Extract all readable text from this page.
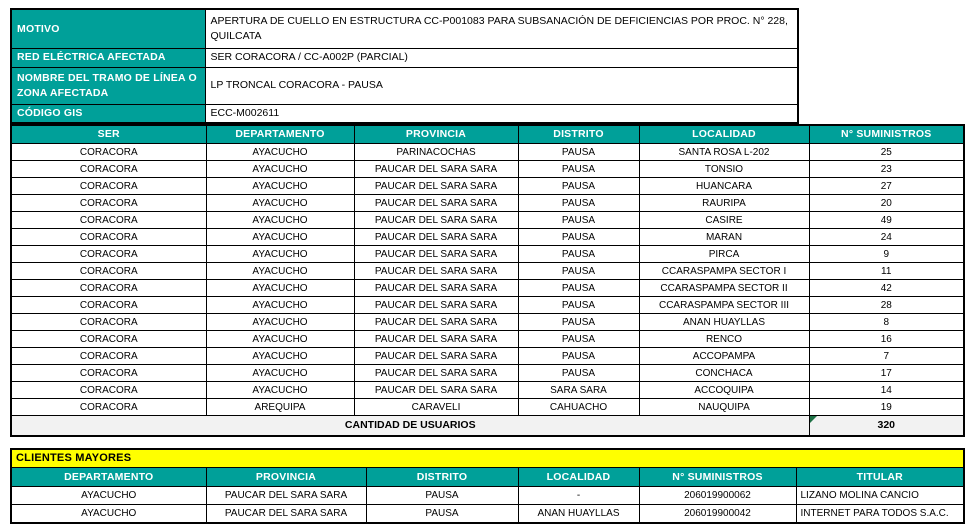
MOTIVO	APERTURA DE CUELLO EN ESTRUCTURA CC-P001083 PARA SUBSANACIÓN DE DEFICIENCIAS POR PROC. N° 228, QUILCATA
RED ELÉCTRICA AFECTADA	SER CORACORA / CC-A002P (PARCIAL)
NOMBRE DEL TRAMO DE LÍNEA O ZONA AFECTADA	LP TRONCAL CORACORA - PAUSA
CÓDIGO GIS	ECC-M002611
SER	DEPARTAMENTO	PROVINCIA	DISTRITO	LOCALIDAD	N° SUMINISTROS
CORACORA	AYACUCHO	PARINACOCHAS	PAUSA	SANTA ROSA L-202	25
CORACORA	AYACUCHO	PAUCAR DEL SARA SARA	PAUSA	TONSIO	23
CORACORA	AYACUCHO	PAUCAR DEL SARA SARA	PAUSA	HUANCARA	27
CORACORA	AYACUCHO	PAUCAR DEL SARA SARA	PAUSA	RAURIPA	20
CORACORA	AYACUCHO	PAUCAR DEL SARA SARA	PAUSA	CASIRE	49
CORACORA	AYACUCHO	PAUCAR DEL SARA SARA	PAUSA	MARAN	24
CORACORA	AYACUCHO	PAUCAR DEL SARA SARA	PAUSA	PIRCA	9
CORACORA	AYACUCHO	PAUCAR DEL SARA SARA	PAUSA	CCARASPAMPA SECTOR I	11
CORACORA	AYACUCHO	PAUCAR DEL SARA SARA	PAUSA	CCARASPAMPA SECTOR II	42
CORACORA	AYACUCHO	PAUCAR DEL SARA SARA	PAUSA	CCARASPAMPA SECTOR III	28
CORACORA	AYACUCHO	PAUCAR DEL SARA SARA	PAUSA	ANAN HUAYLLAS	8
CORACORA	AYACUCHO	PAUCAR DEL SARA SARA	PAUSA	RENCO	16
CORACORA	AYACUCHO	PAUCAR DEL SARA SARA	PAUSA	ACCOPAMPA	7
CORACORA	AYACUCHO	PAUCAR DEL SARA SARA	PAUSA	CONCHACA	17
CORACORA	AYACUCHO	PAUCAR DEL SARA SARA	SARA SARA	ACCOQUIPA	14
CORACORA	AREQUIPA	CARAVELI	CAHUACHO	NAUQUIPA	19
CANTIDAD DE USUARIOS					320
CLIENTES MAYORES					
DEPARTAMENTO	PROVINCIA	DISTRITO	LOCALIDAD	N° SUMINISTROS	TITULAR
AYACUCHO	PAUCAR DEL SARA SARA	PAUSA	-	206019900062	LIZANO MOLINA CANCIO
AYACUCHO	PAUCAR DEL SARA SARA	PAUSA	ANAN HUAYLLAS	206019900042	INTERNET PARA TODOS S.A.C.
